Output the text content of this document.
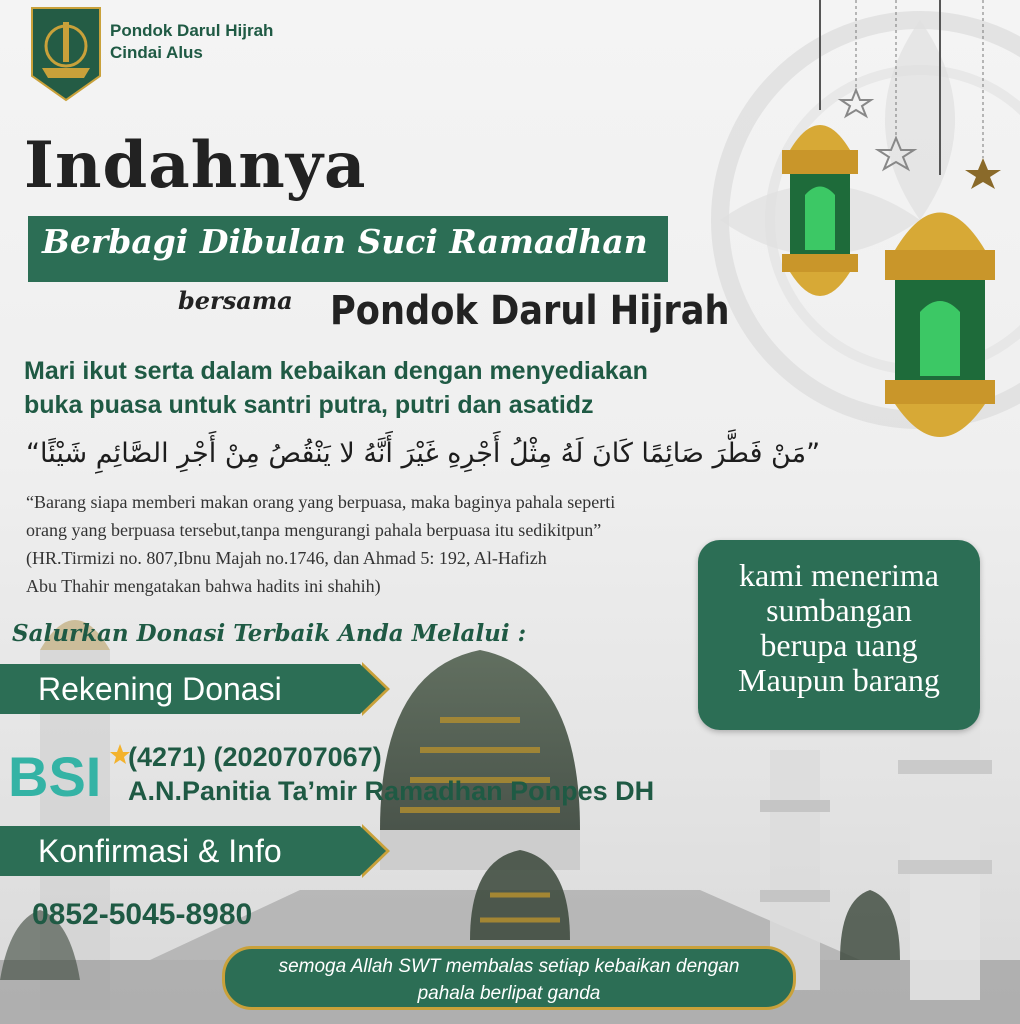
Pondok Darul Hijrah
Cindai Alus
Indahnya
Berbagi Dibulan Suci Ramadhan
bersama Pondok Darul Hijrah
Mari ikut serta dalam kebaikan dengan menyediakan
buka puasa untuk santri putra, putri dan asatidz
”مَنْ فَطَّرَ صَائِمًا كَانَ لَهُ مِثْلُ أَجْرِهِ غَيْرَ أَنَّهُ لا يَنْقُصُ مِنْ أَجْرِ الصَّائِمِ شَيْئًا“
“Barang siapa memberi makan orang yang berpuasa, maka baginya pahala seperti
orang yang berpuasa tersebut,tanpa mengurangi pahala berpuasa itu sedikitpun”
(HR.Tirmizi no. 807,Ibnu Majah no.1746, dan Ahmad 5: 192, Al-Hafizh
Abu Thahir mengatakan bahwa hadits ini shahih)
Salurkan Donasi Terbaik Anda Melalui :
Rekening Donasi
BSI (4271) (2020707067)
A.N.Panitia Ta’mir Ramadhan Ponpes DH
Konfirmasi & Info
0852-5045-8980
kami menerima
sumbangan
berupa uang
Maupun barang
semoga Allah SWT membalas setiap kebaikan dengan
pahala berlipat ganda
